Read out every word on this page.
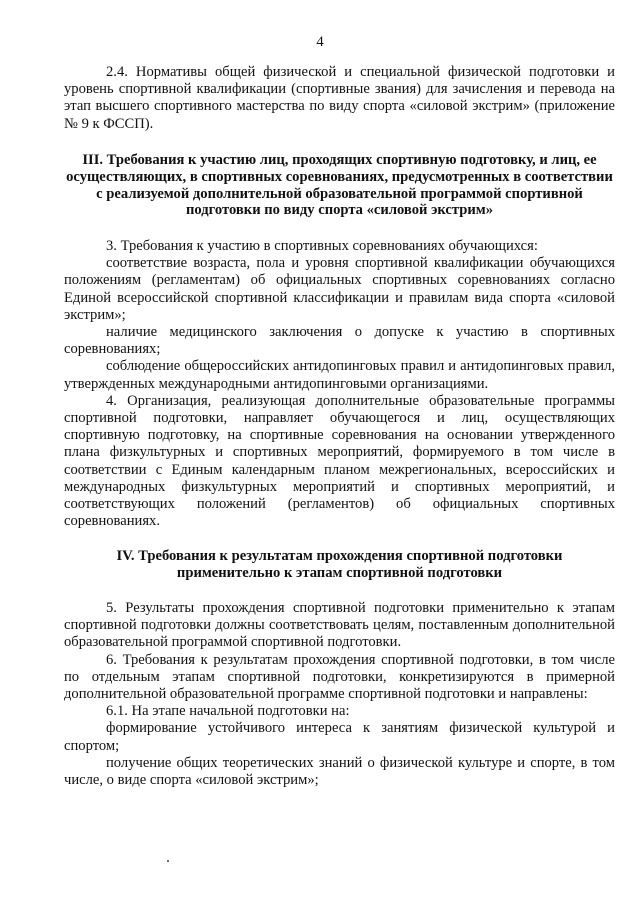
4

2.4. Нормативы общей физической и специальной физической подготовки и уровень спортивной квалификации (спортивные звания) для зачисления и перевода на этап высшего спортивного мастерства по виду спорта «силовой экстрим» (приложение № 9 к ФССП).

III. Требования к участию лиц, проходящих спортивную подготовку, и лиц, ее осуществляющих, в спортивных соревнованиях, предусмотренных в соответствии с реализуемой дополнительной образовательной программой спортивной подготовки по виду спорта «силовой экстрим»

3. Требования к участию в спортивных соревнованиях обучающихся:

соответствие возраста, пола и уровня спортивной квалификации обучающихся положениям (регламентам) об официальных спортивных соревнованиях согласно Единой всероссийской спортивной классификации и правилам вида спорта «силовой экстрим»;

наличие медицинского заключения о допуске к участию в спортивных соревнованиях;

соблюдение общероссийских антидопинговых правил и антидопинговых правил, утвержденных международными антидопинговыми организациями.

4. Организация, реализующая дополнительные образовательные программы спортивной подготовки, направляет обучающегося и лиц, осуществляющих спортивную подготовку, на спортивные соревнования на основании утвержденного плана физкультурных и спортивных мероприятий, формируемого в том числе в соответствии с Единым календарным планом межрегиональных, всероссийских и международных физкультурных мероприятий и спортивных мероприятий, и соответствующих положений (регламентов) об официальных спортивных соревнованиях.

IV. Требования к результатам прохождения спортивной подготовки применительно к этапам спортивной подготовки

5. Результаты прохождения спортивной подготовки применительно к этапам спортивной подготовки должны соответствовать целям, поставленным дополнительной образовательной программой спортивной подготовки.

6. Требования к результатам прохождения спортивной подготовки, в том числе по отдельным этапам спортивной подготовки, конкретизируются в примерной дополнительной образовательной программе спортивной подготовки и направлены:

6.1. На этапе начальной подготовки на:

формирование устойчивого интереса к занятиям физической культурой и спортом;

получение общих теоретических знаний о физической культуре и спорте, в том числе, о виде спорта «силовой экстрим»;
